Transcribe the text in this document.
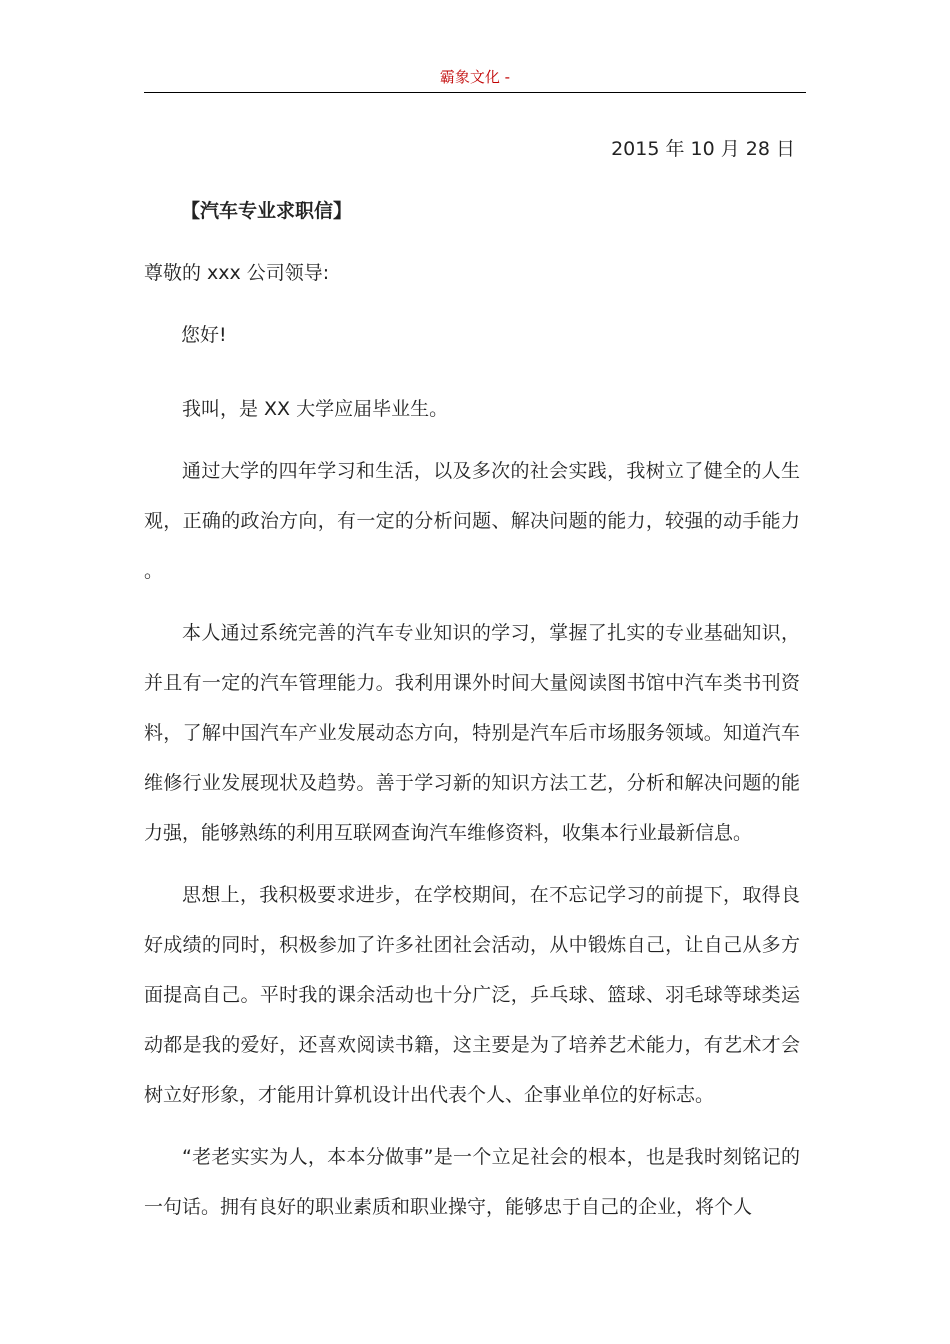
霸象文化 -
2015 年 10 月 28 日
【汽车专业求职信】
尊敬的 xxx 公司领导:
您好!

我叫，是 XX 大学应届毕业生。

通过大学的四年学习和生活，以及多次的社会实践，我树立了健全的人生观，正确的政治方向，有一定的分析问题、解决问题的能力，较强的动手能力。

本人通过系统完善的汽车专业知识的学习，掌握了扎实的专业基础知识，并且有一定的汽车管理能力。我利用课外时间大量阅读图书馆中汽车类书刊资料，了解中国汽车产业发展动态方向，特别是汽车后市场服务领域。知道汽车维修行业发展现状及趋势。善于学习新的知识方法工艺，分析和解决问题的能力强，能够熟练的利用互联网查询汽车维修资料，收集本行业最新信息。

思想上，我积极要求进步，在学校期间，在不忘记学习的前提下，取得良好成绩的同时，积极参加了许多社团社会活动，从中锻炼自己，让自己从多方面提高自己。平时我的课余活动也十分广泛，乒乓球、篮球、羽毛球等球类运动都是我的爱好，还喜欢阅读书籍，这主要是为了培养艺术能力，有艺术才会树立好形象，才能用计算机设计出代表个人、企事业单位的好标志。

“老老实实为人，本本分做事”是一个立足社会的根本，也是我时刻铭记的一句话。拥有良好的职业素质和职业操守，能够忠于自己的企业，将个人
